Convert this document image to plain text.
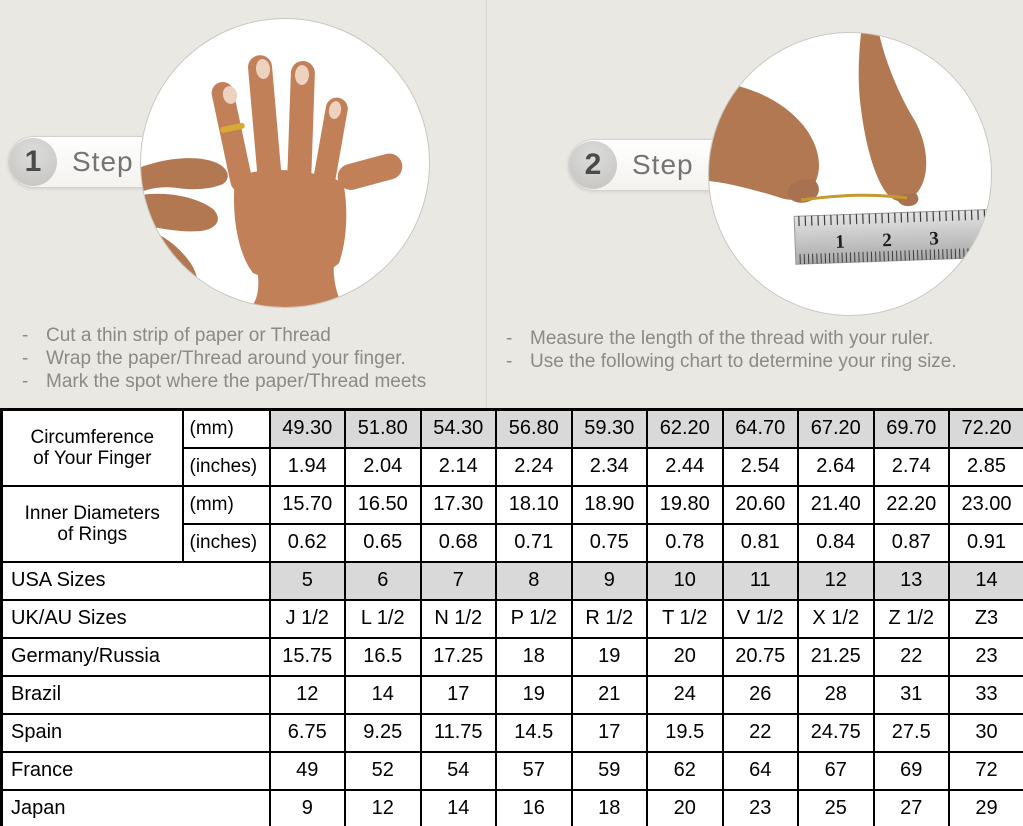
1 Step
- Cut a thin strip of paper or Thread
- Wrap the paper/Thread around your finger.
- Mark the spot where the paper/Thread meets
2 Step
1 2 3
- Measure the length of the thread with your ruler.
- Use the following chart to determine your ring size.
Circumference
of Your Finger	(mm)	49.30	51.80	54.30	56.80	59.30	62.20	64.70	67.20	69.70	72.20
	(inches)	1.94	2.04	2.14	2.24	2.34	2.44	2.54	2.64	2.74	2.85

Inner Diameters
of Rings	(mm)	15.70	16.50	17.30	18.10	18.90	19.80	20.60	21.40	22.20	23.00
	(inches)	0.62	0.65	0.68	0.71	0.75	0.78	0.81	0.84	0.87	0.91
USA Sizes		5	6	7	8	9	10	11	12	13	14
UK/AU Sizes		J 1/2	L 1/2	N 1/2	P 1/2	R 1/2	T 1/2	V 1/2	X 1/2	Z 1/2	Z3
Germany/Russia		15.75	16.5	17.25	18	19	20	20.75	21.25	22	23
Brazil		12	14	17	19	21	24	26	28	31	33
Spain		6.75	9.25	11.75	14.5	17	19.5	22	24.75	27.5	30
France		49	52	54	57	59	62	64	67	69	72
Japan		9	12	14	16	18	20	23	25	27	29
